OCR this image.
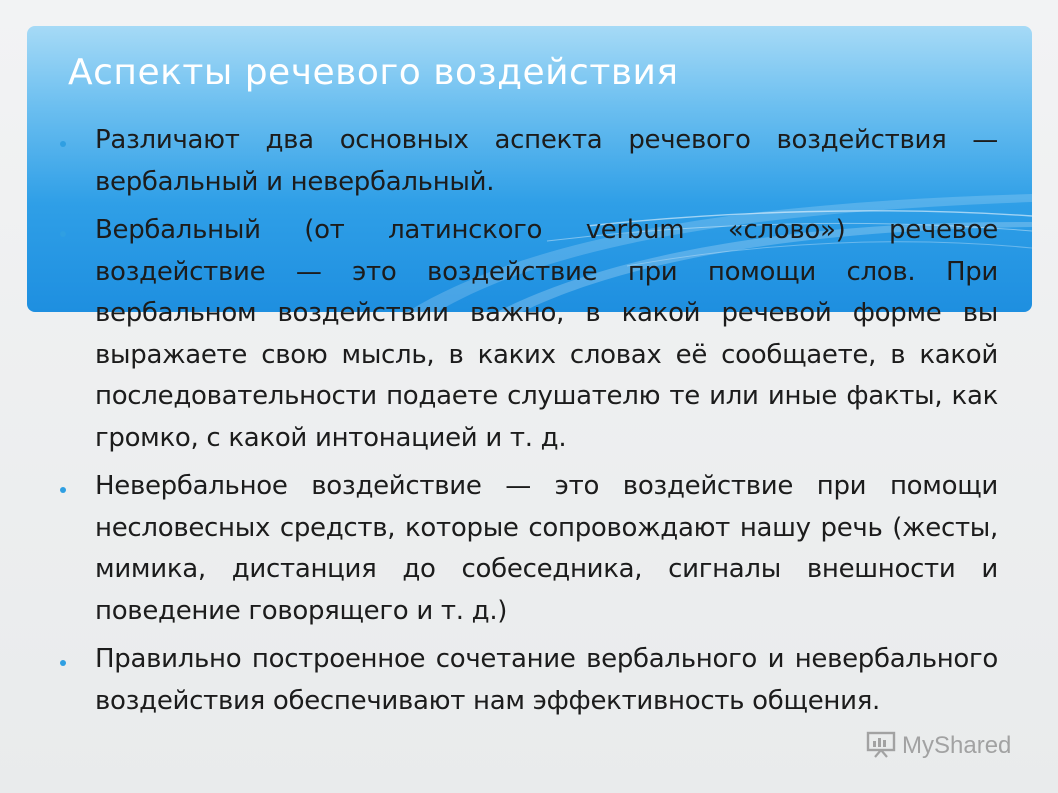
Аспекты речевого воздействия
Различают два основных аспекта речевого воздействия — вербальный и невербальный.
Вербальный (от латинского verbum «слово») речевое воздействие — это воздействие при помощи слов. При вербальном воздействии важно, в какой речевой форме вы выражаете свою мысль, в каких словах её сообщаете, в какой последовательности подаете слушателю те или иные факты, как громко, с какой интонацией и т. д.
Невербальное воздействие — это воздействие при помощи несловесных средств, которые сопровождают нашу речь (жесты, мимика, дистанция до собеседника, сигналы внешности и поведение говорящего и т. д.)
Правильно построенное сочетание вербального и невербального воздействия обеспечивают нам эффективность общения.
MyShared
